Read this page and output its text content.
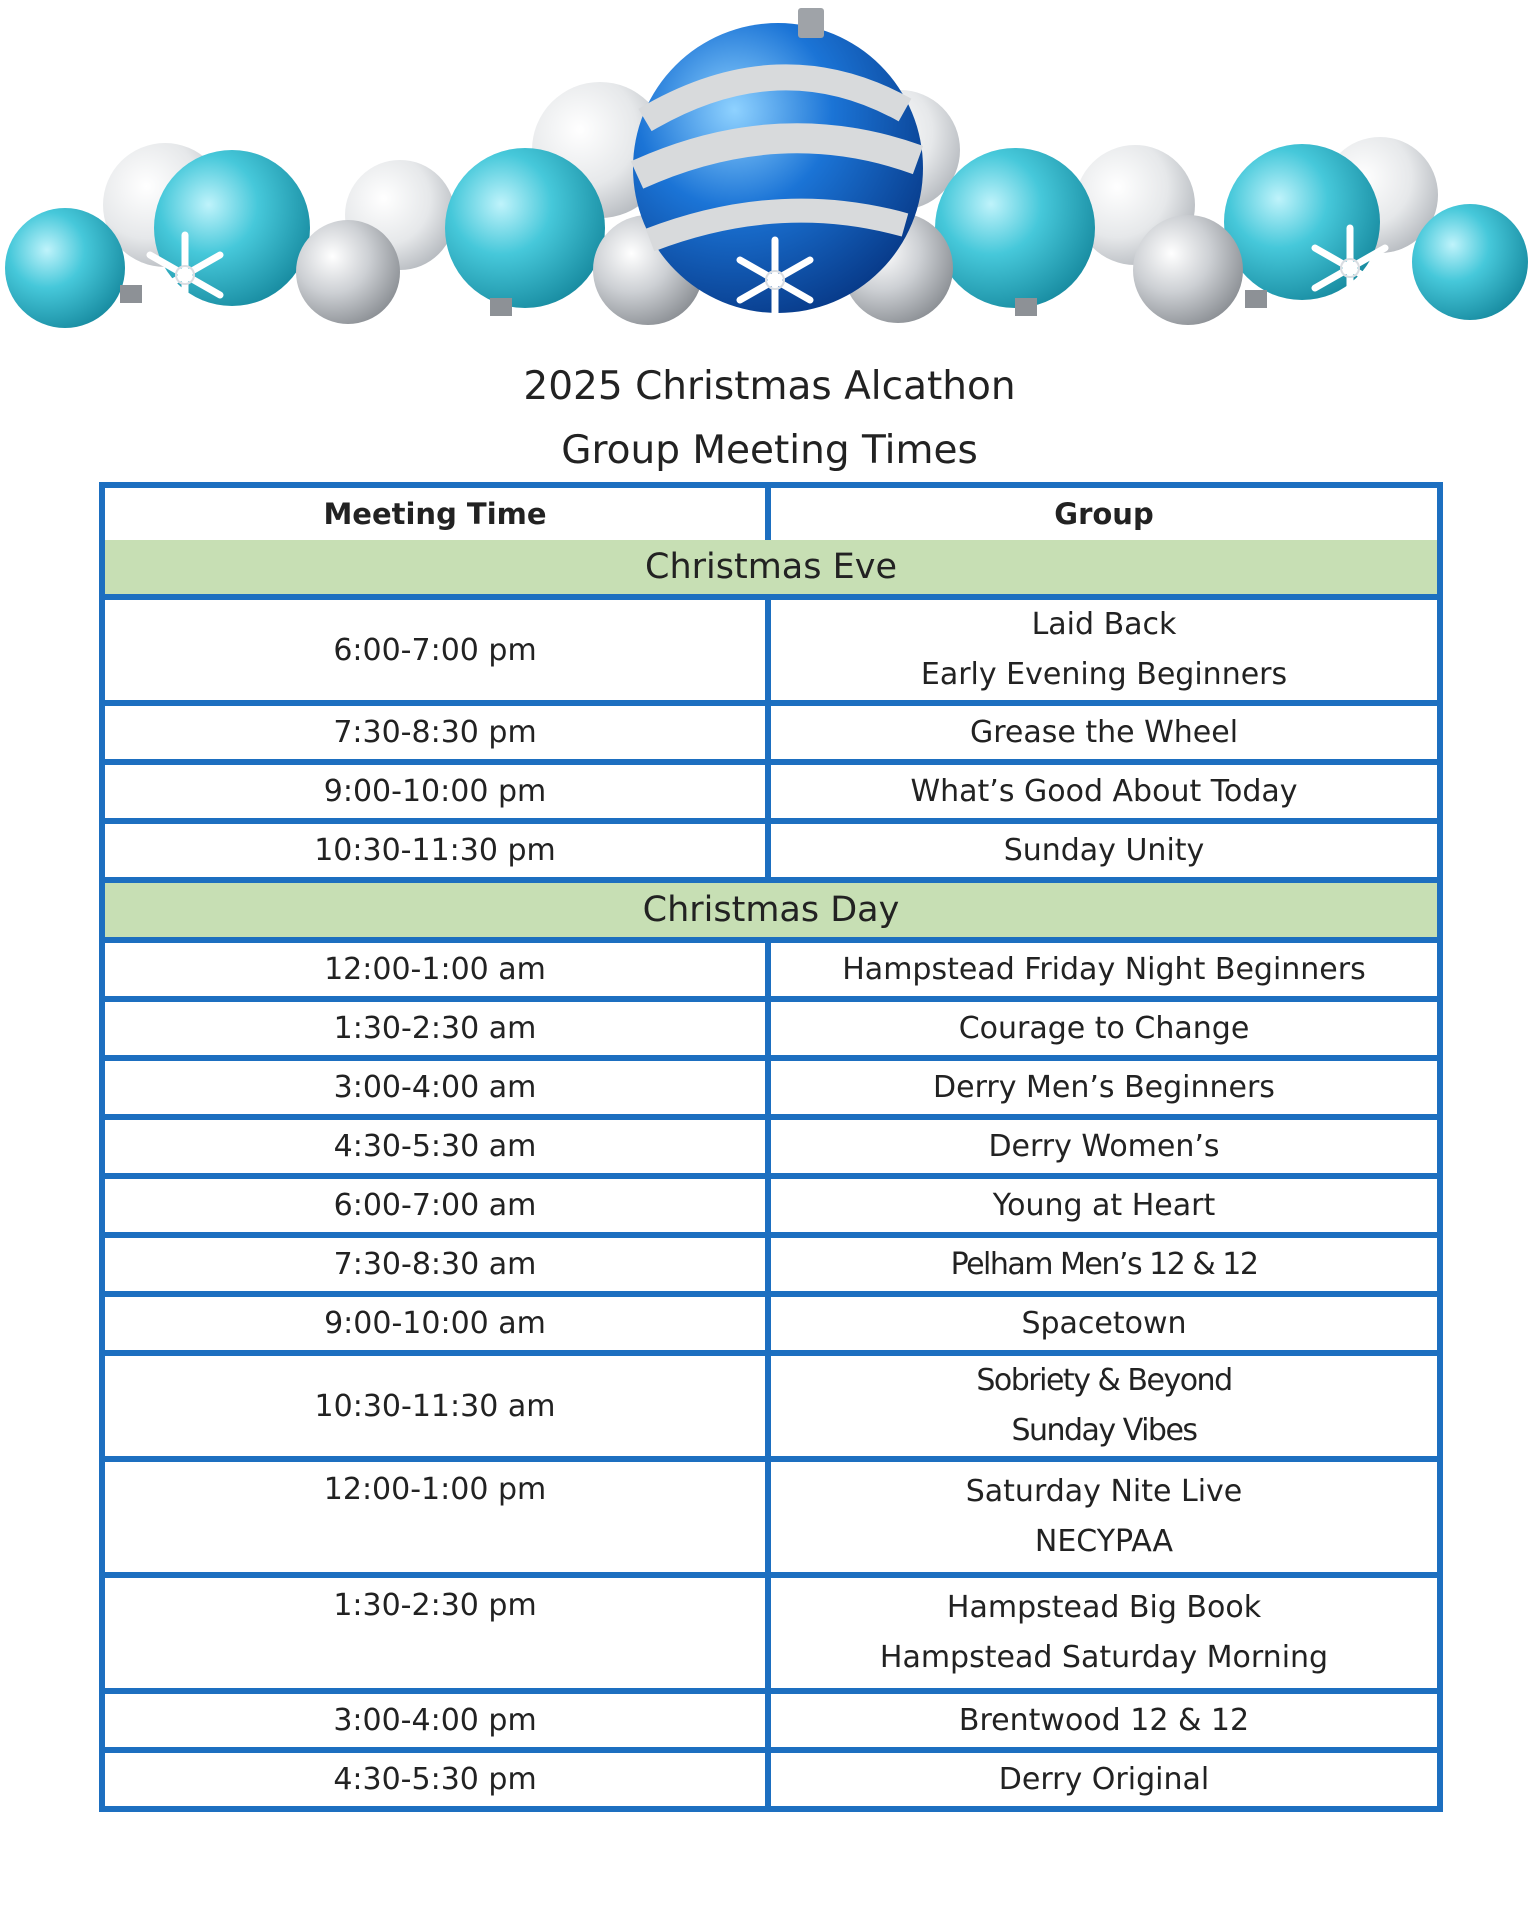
2025 Christmas Alcathon
Group Meeting Times
Meeting Time	Group
Christmas Eve	
6:00-7:00 pm	Laid Back
Early Evening Beginners

7:30-8:30 pm	Grease the Wheel
9:00-10:00 pm	What’s Good About Today
10:30-11:30 pm	Sunday Unity
Christmas Day	
12:00-1:00 am	Hampstead Friday Night Beginners
1:30-2:30 am	Courage to Change
3:00-4:00 am	Derry Men’s Beginners
4:30-5:30 am	Derry Women’s
6:00-7:00 am	Young at Heart
7:30-8:30 am	Pelham Men’s 12 & 12
9:00-10:00 am	Spacetown
10:30-11:30 am	Sobriety & Beyond
Sunday Vibes

12:00-1:00 pm	Saturday Nite Live
NECYPAA

1:30-2:30 pm	Hampstead Big Book
Hampstead Saturday Morning

3:00-4:00 pm	Brentwood 12 & 12
4:30-5:30 pm	Derry Original
